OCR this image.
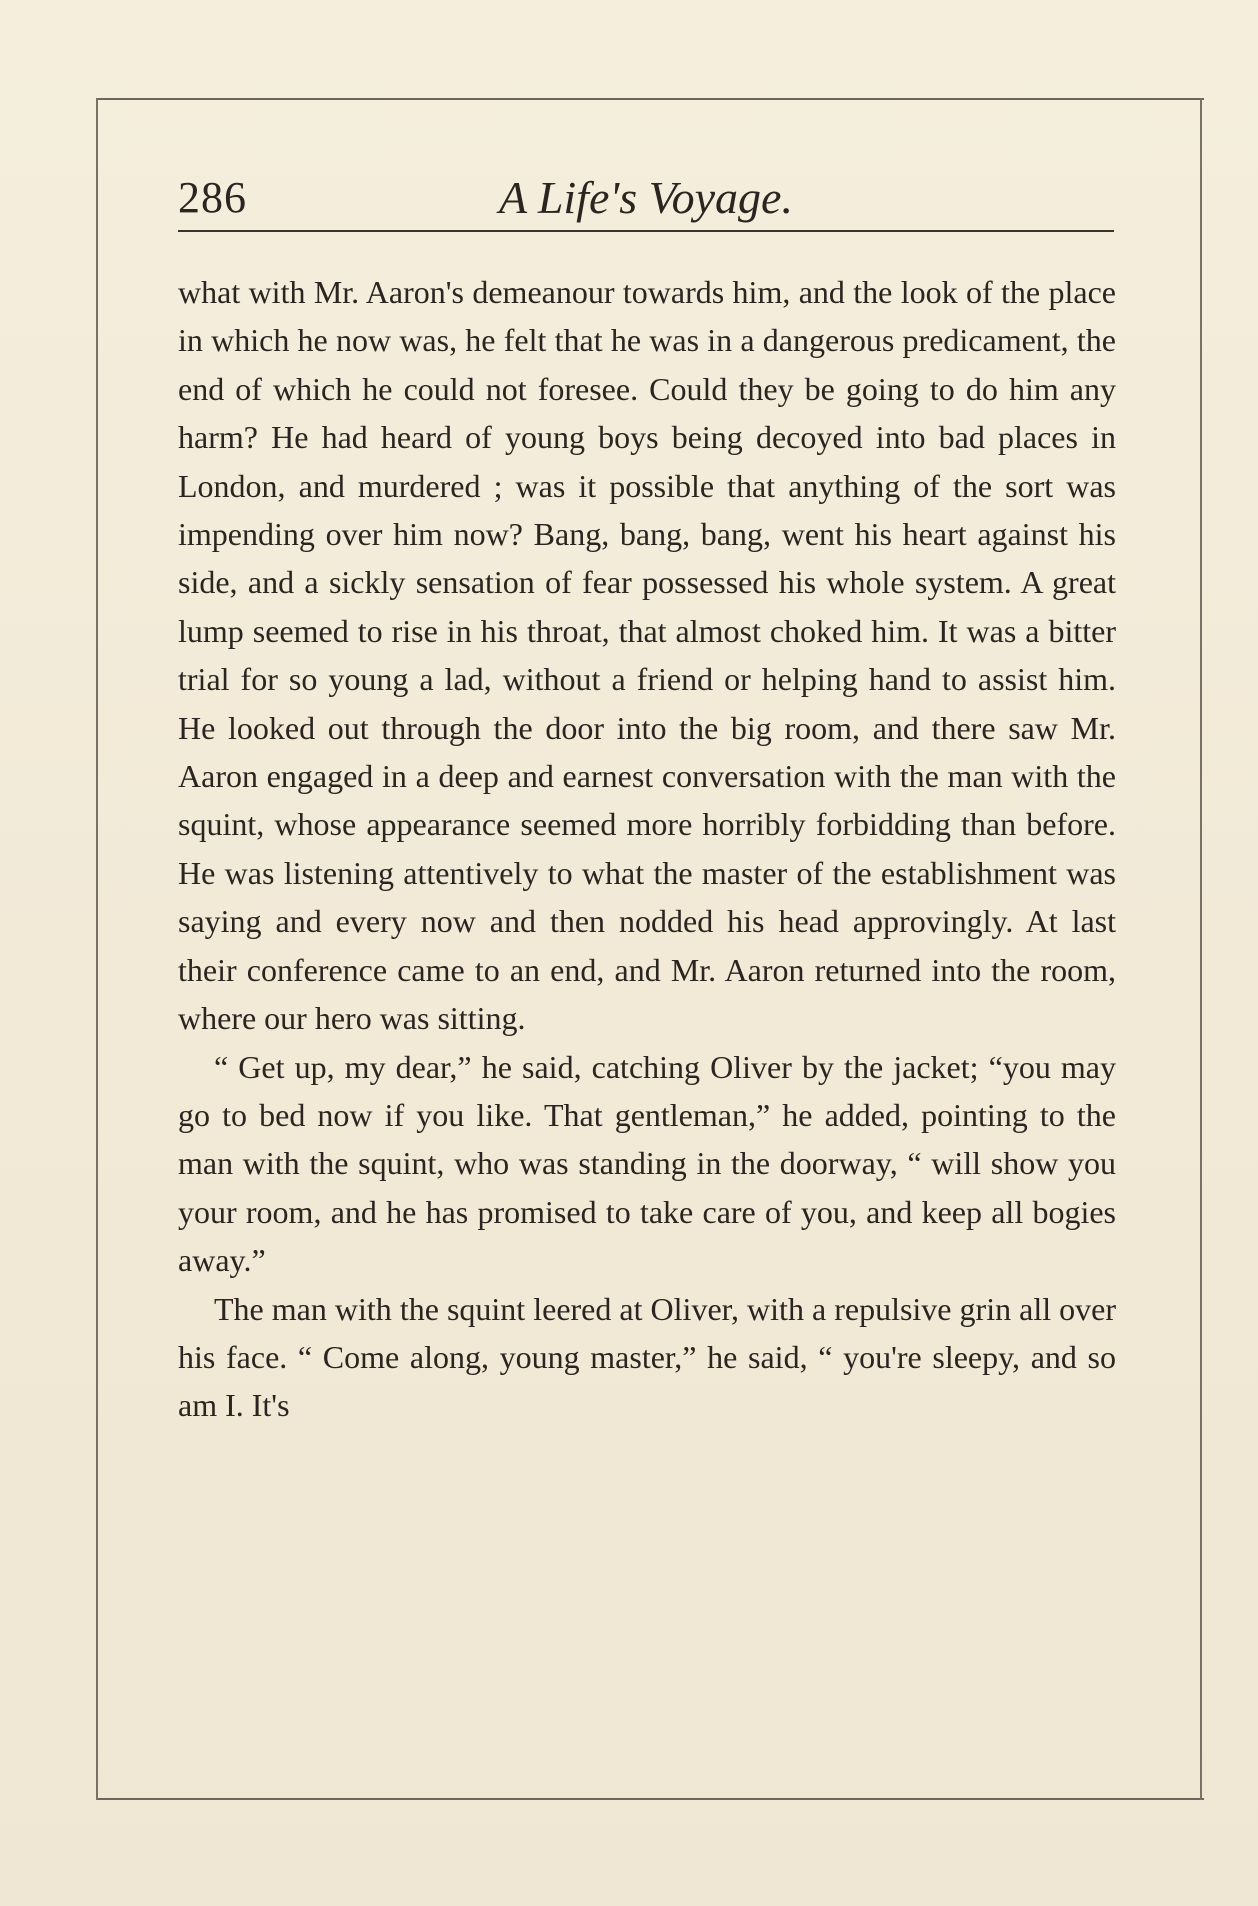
286	A Life's Voyage.

what with Mr. Aaron's demeanour towards him, and the look of the place in which he now was, he felt that he was in a dangerous predicament, the end of which he could not foresee. Could they be going to do him any harm? He had heard of young boys being decoyed into bad places in London, and murdered ; was it possible that anything of the sort was impending over him now? Bang, bang, bang, went his heart against his side, and a sickly sensation of fear possessed his whole system. A great lump seemed to rise in his throat, that almost choked him. It was a bitter trial for so young a lad, without a friend or helping hand to assist him. He looked out through the door into the big room, and there saw Mr. Aaron engaged in a deep and earnest conversation with the man with the squint, whose appearance seemed more horribly forbidding than before. He was listening attentively to what the master of the establishment was saying and every now and then nodded his head approvingly. At last their conference came to an end, and Mr. Aaron returned into the room, where our hero was sitting.

“ Get up, my dear,” he said, catching Oliver by the jacket; “you may go to bed now if you like. That gentleman,” he added, pointing to the man with the squint, who was standing in the doorway, “ will show you your room, and he has promised to take care of you, and keep all bogies away.”

The man with the squint leered at Oliver, with a repulsive grin all over his face. “ Come along, young master,” he said, “ you're sleepy, and so am I. It's
